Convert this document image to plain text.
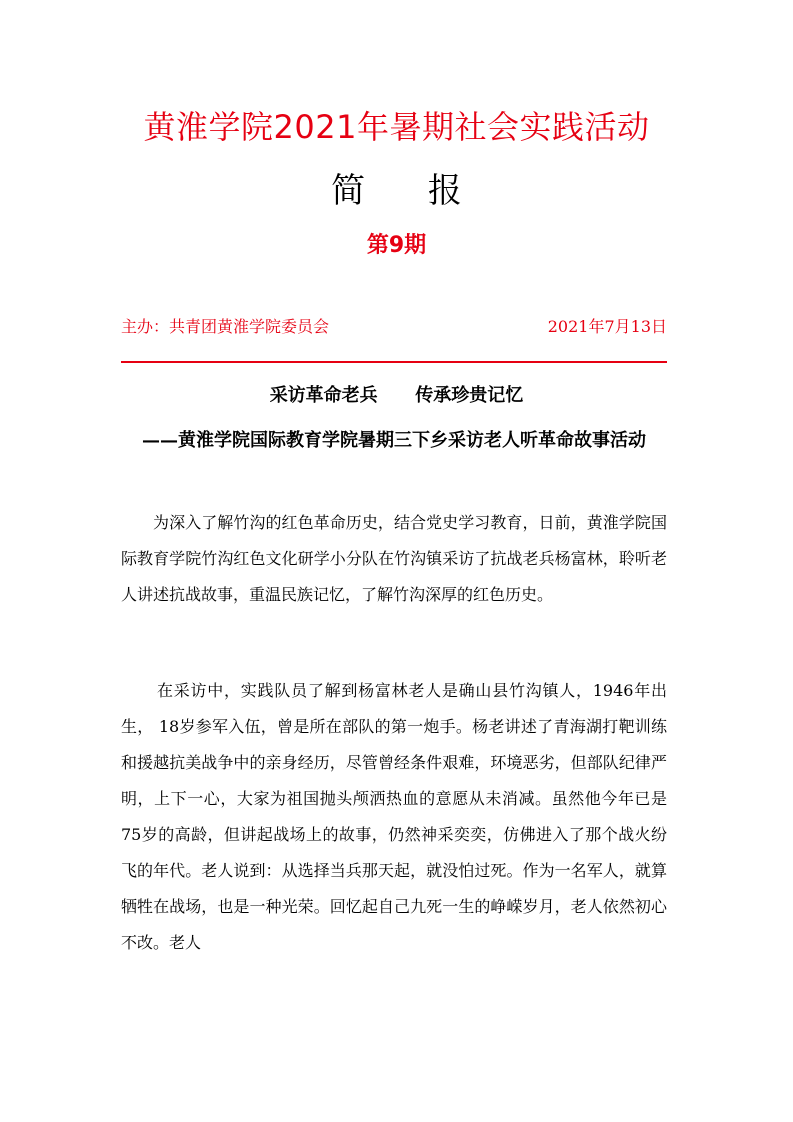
黄淮学院2021年暑期社会实践活动
简 报
第9期
主办：共青团黄淮学院委员会	2021年7月13日
采访革命老兵      传承珍贵记忆
——黄淮学院国际教育学院暑期三下乡采访老人听革命故事活动

为深入了解竹沟的红色革命历史，结合党史学习教育，日前，黄淮学院国际教育学院竹沟红色文化研学小分队在竹沟镇采访了抗战老兵杨富林，聆听老人讲述抗战故事，重温民族记忆，了解竹沟深厚的红色历史。

在采访中，实践队员了解到杨富林老人是确山县竹沟镇人，1946年出生， 18岁参军入伍，曾是所在部队的第一炮手。杨老讲述了青海湖打靶训练和援越抗美战争中的亲身经历，尽管曾经条件艰难，环境恶劣，但部队纪律严明，上下一心，大家为祖国抛头颅洒热血的意愿从未消减。虽然他今年已是75岁的高龄，但讲起战场上的故事，仍然神采奕奕，仿佛进入了那个战火纷飞的年代。老人说到：从选择当兵那天起，就没怕过死。作为一名军人，就算牺牲在战场，也是一种光荣。回忆起自己九死一生的峥嵘岁月，老人依然初心不改。老人
